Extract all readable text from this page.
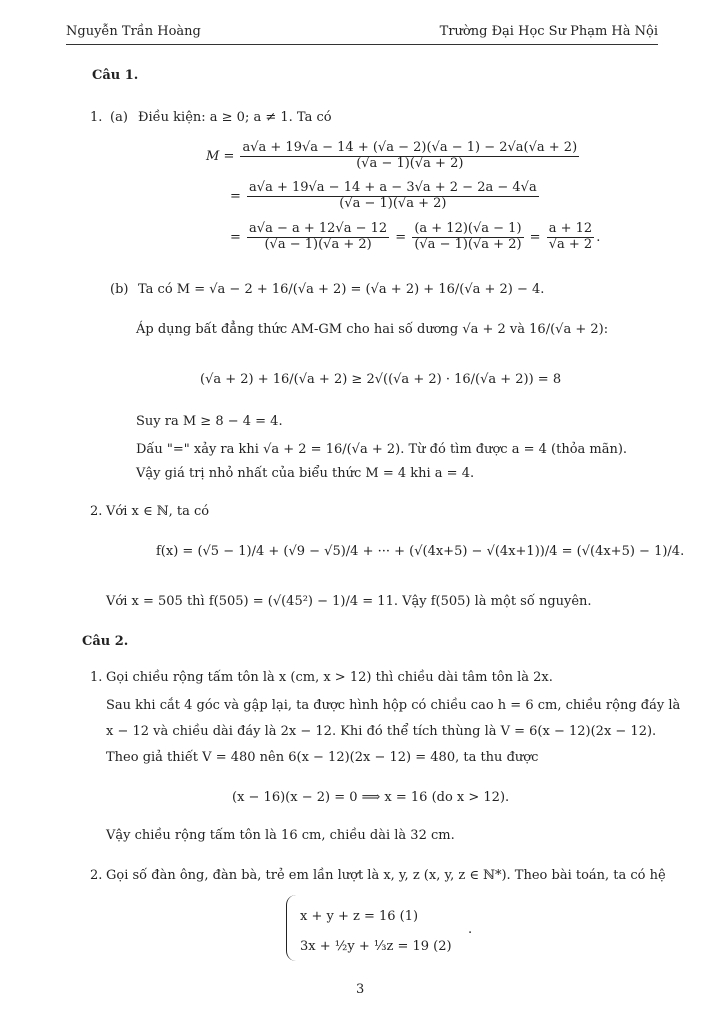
Nguyễn Trần Hoàng	Trường Đại Học Sư Phạm Hà Nội
Câu 1.
1. (a) Điều kiện: a ≥ 0; a ≠ 1. Ta có
$M = \frac{a√a + 19√a - 14 + (√a - 2)(√a - 1) - 2√a(√a + 2)}{(√a - 1)(√a + 2)}$
= $\frac{a√a + 19√a - 14 + a - 3√a + 2 - 2a - 4√a}{(√a - 1)(√a + 2)}$
= $\frac{a√a - a + 12√a - 12}{(√a - 1)(√a + 2)} = \frac{(a + 12)(√a - 1)}{(√a - 1)(√a + 2)} = \frac{a + 12}{√a + 2}$ .
(b) Ta có M = √a − 2 + 16/(√a + 2) = (√a + 2) + 16/(√a + 2) − 4.
Áp dụng bất đẳng thức AM-GM cho hai số dương √a + 2 và 16/(√a + 2):
(√a + 2) + 16/(√a + 2) ≥ 2√((√a + 2) · 16/(√a + 2)) = 8
Suy ra M ≥ 8 − 4 = 4.
Dấu "=" xảy ra khi √a + 2 = 16/(√a + 2). Từ đó tìm được a = 4 (thỏa mãn).
Vậy giá trị nhỏ nhất của biểu thức M = 4 khi a = 4.
2. Với x ∈ ℕ, ta có
f(x) = (√5 − 1)/4 + (√9 − √5)/4 + ··· + (√(4x+5) − √(4x+1))/4 = (√(4x+5) − 1)/4.
Với x = 505 thì f(505) = (√(45²) − 1)/4 = 11. Vậy f(505) là một số nguyên.
Câu 2.
1. Gọi chiều rộng tấm tôn là x (cm, x > 12) thì chiều dài tâm tôn là 2x.
Sau khi cắt 4 góc và gập lại, ta được hình hộp có chiều cao h = 6 cm, chiều rộng đáy là
x − 12 và chiều dài đáy là 2x − 12. Khi đó thể tích thùng là V = 6(x − 12)(2x − 12).
Theo giả thiết V = 480 nên 6(x − 12)(2x − 12) = 480, ta thu được
(x − 16)(x − 2) = 0 ⟹ x = 16 (do x > 12).
Vậy chiều rộng tấm tôn là 16 cm, chiều dài là 32 cm.
2. Gọi số đàn ông, đàn bà, trẻ em lần lượt là x, y, z (x, y, z ∈ ℕ*). Theo bài toán, ta có hệ
x + y + z = 16 (1)
3x + ½y + ⅓z = 19 (2)
.
3
